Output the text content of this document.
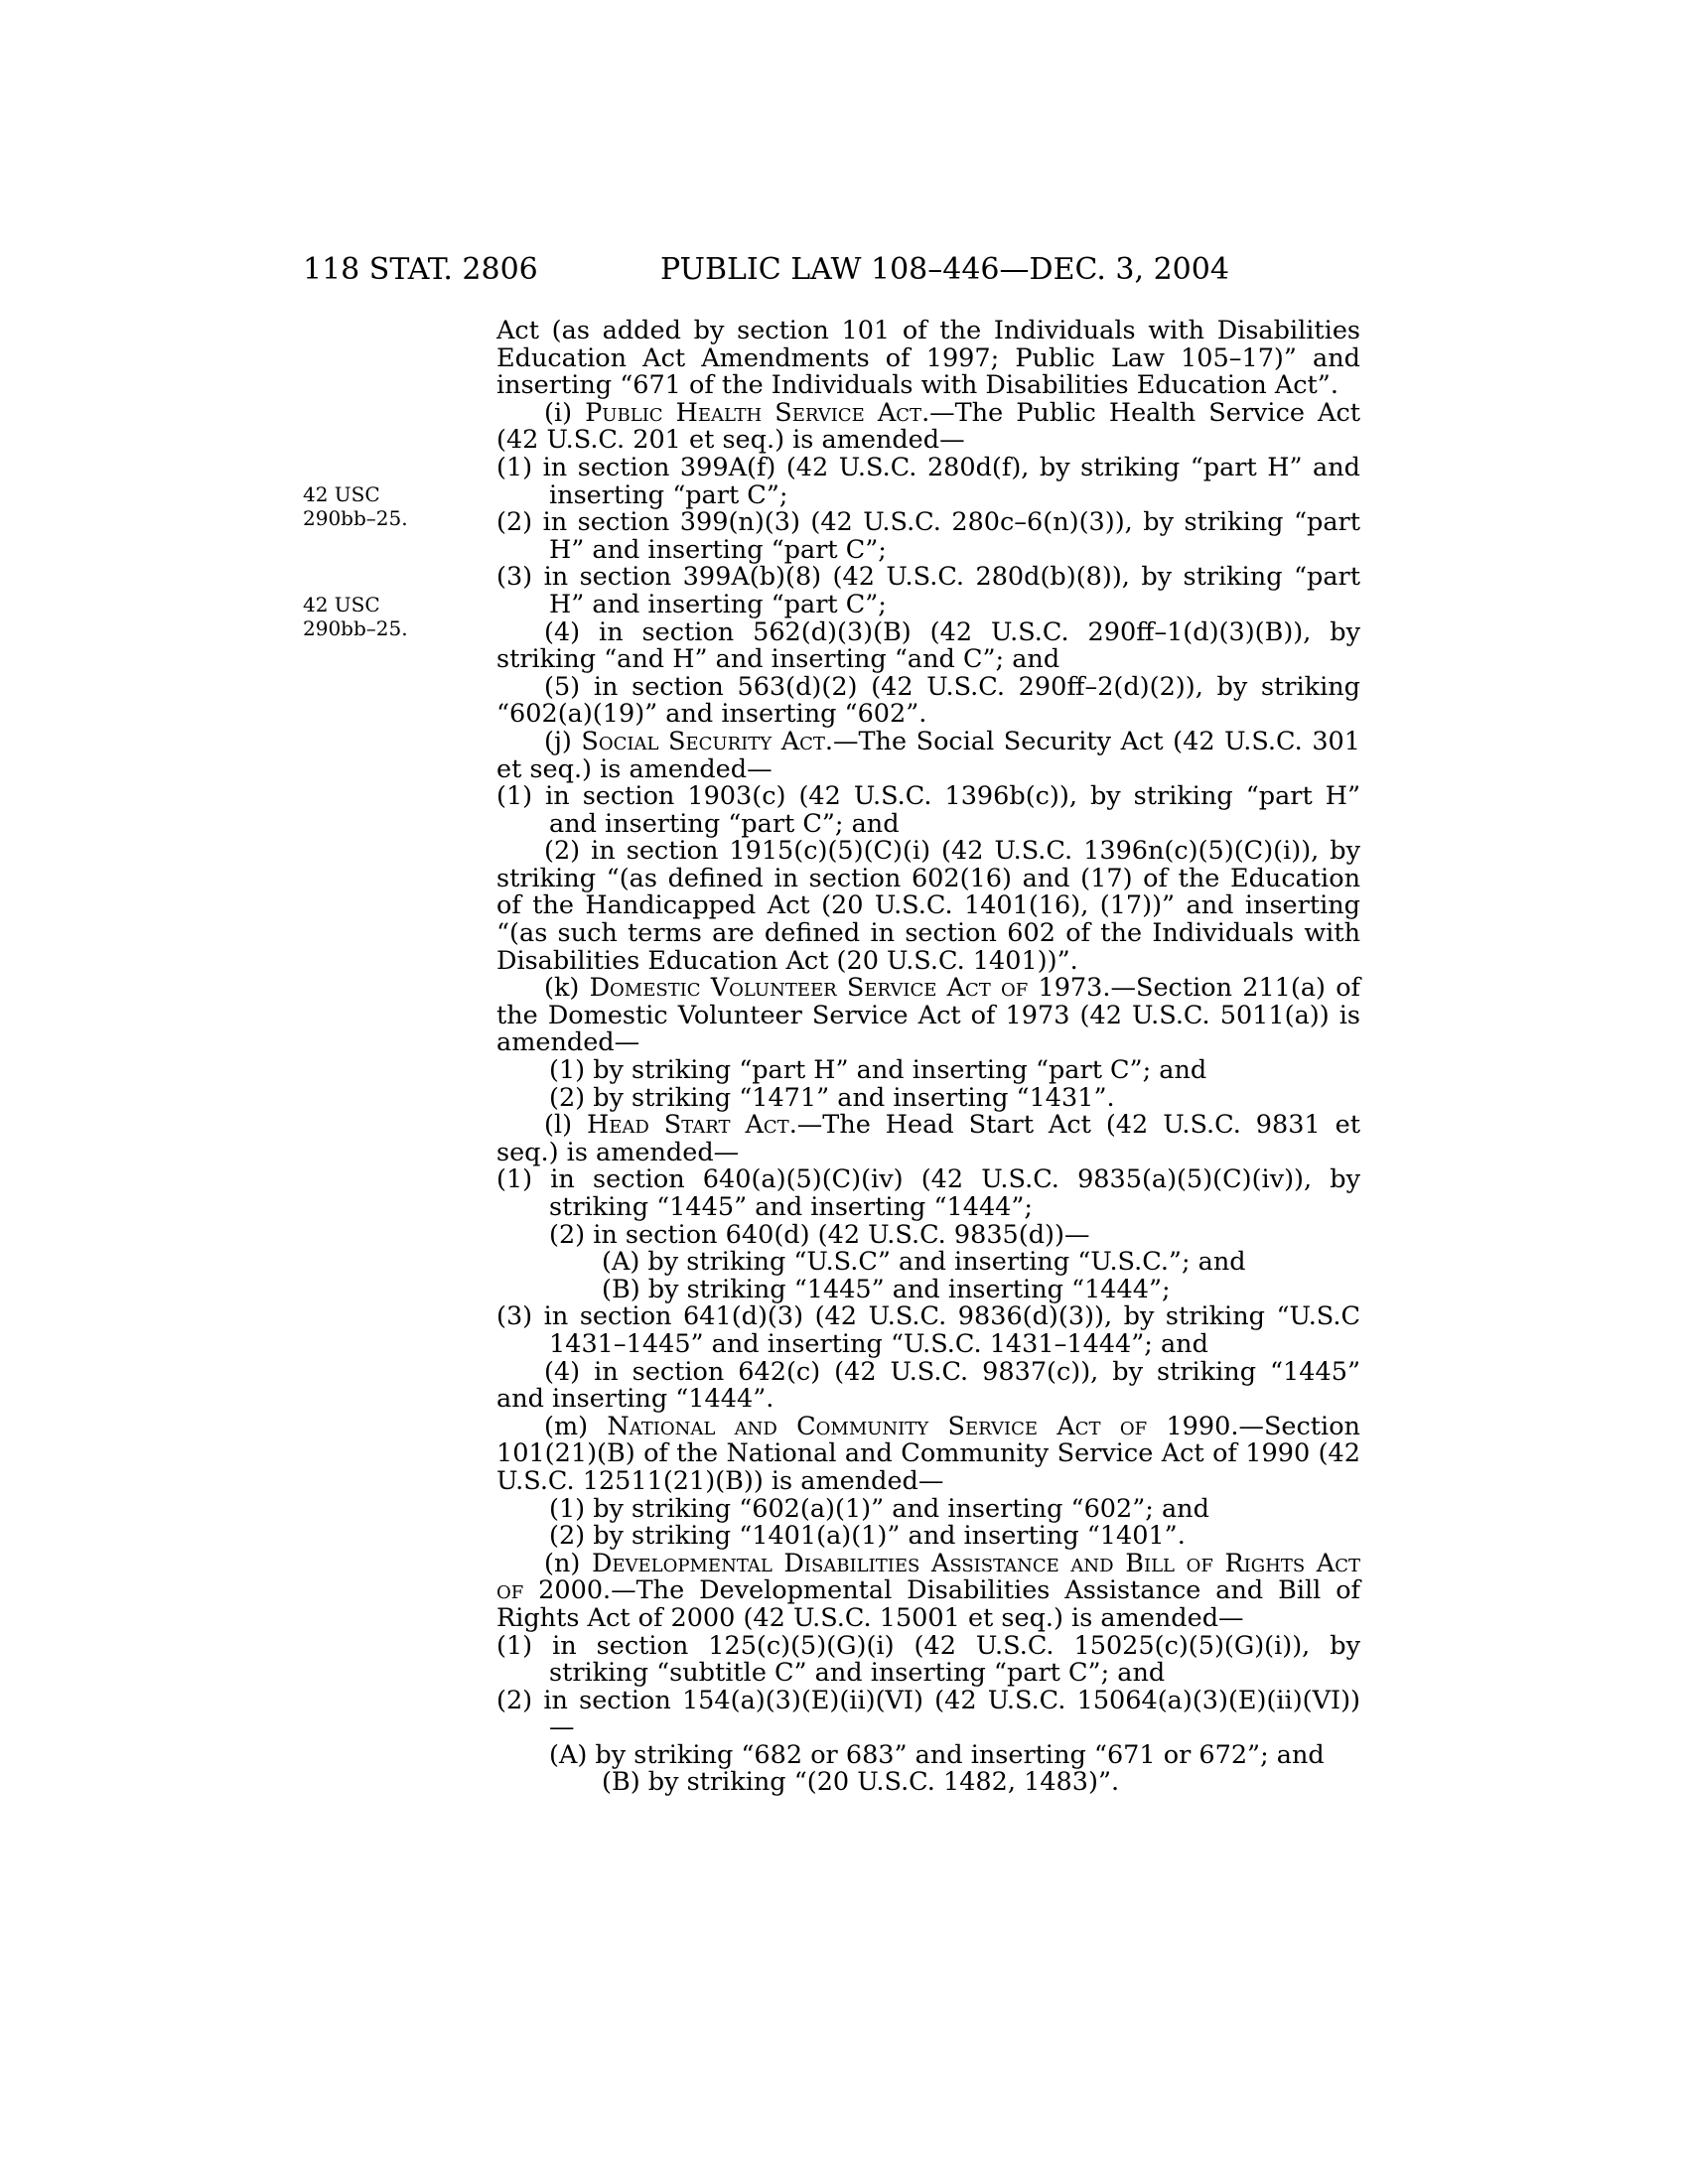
118 STAT. 2806	PUBLIC LAW 108–446—DEC. 3, 2004
42 USC
290bb–25.
42 USC
290bb–25.

Act (as added by section 101 of the Individuals with Disabilities Education Act Amendments of 1997; Public Law 105–17)” and inserting “671 of the Individuals with Disabilities Education Act”.

(i) Public Health Service Act.—The Public Health Service Act (42 U.S.C. 201 et seq.) is amended—

(1) in section 399A(f) (42 U.S.C. 280d(f), by striking “part H” and inserting “part C”;

(2) in section 399(n)(3) (42 U.S.C. 280c–6(n)(3)), by striking “part H” and inserting “part C”;

(3) in section 399A(b)(8) (42 U.S.C. 280d(b)(8)), by striking “part H” and inserting “part C”;

(4) in section 562(d)(3)(B) (42 U.S.C. 290ff–1(d)(3)(B)), by striking “and H” and inserting “and C”; and

(5) in section 563(d)(2) (42 U.S.C. 290ff–2(d)(2)), by striking “602(a)(19)” and inserting “602”.

(j) Social Security Act.—The Social Security Act (42 U.S.C. 301 et seq.) is amended—

(1) in section 1903(c) (42 U.S.C. 1396b(c)), by striking “part H” and inserting “part C”; and

(2) in section 1915(c)(5)(C)(i) (42 U.S.C. 1396n(c)(5)(C)(i)), by striking “(as defined in section 602(16) and (17) of the Education of the Handicapped Act (20 U.S.C. 1401(16), (17))” and inserting “(as such terms are defined in section 602 of the Individuals with Disabilities Education Act (20 U.S.C. 1401))”.

(k) Domestic Volunteer Service Act of 1973.—Section 211(a) of the Domestic Volunteer Service Act of 1973 (42 U.S.C. 5011(a)) is amended—

(1) by striking “part H” and inserting “part C”; and

(2) by striking “1471” and inserting “1431”.

(l) Head Start Act.—The Head Start Act (42 U.S.C. 9831 et seq.) is amended—

(1) in section 640(a)(5)(C)(iv) (42 U.S.C. 9835(a)(5)(C)(iv)), by striking “1445” and inserting “1444”;

(2) in section 640(d) (42 U.S.C. 9835(d))—

(A) by striking “U.S.C” and inserting “U.S.C.”; and

(B) by striking “1445” and inserting “1444”;

(3) in section 641(d)(3) (42 U.S.C. 9836(d)(3)), by striking “U.S.C 1431–1445” and inserting “U.S.C. 1431–1444”; and

(4) in section 642(c) (42 U.S.C. 9837(c)), by striking “1445” and inserting “1444”.

(m) National and Community Service Act of 1990.—Section 101(21)(B) of the National and Community Service Act of 1990 (42 U.S.C. 12511(21)(B)) is amended—

(1) by striking “602(a)(1)” and inserting “602”; and

(2) by striking “1401(a)(1)” and inserting “1401”.

(n) Developmental Disabilities Assistance and Bill of Rights Act of 2000.—The Developmental Disabilities Assistance and Bill of Rights Act of 2000 (42 U.S.C. 15001 et seq.) is amended—

(1) in section 125(c)(5)(G)(i) (42 U.S.C. 15025(c)(5)(G)(i)), by striking “subtitle C” and inserting “part C”; and

(2) in section 154(a)(3)(E)(ii)(VI) (42 U.S.C. 15064(a)(3)(E)(ii)(VI))—

(A) by striking “682 or 683” and inserting “671 or 672”; and

(B) by striking “(20 U.S.C. 1482, 1483)”.
